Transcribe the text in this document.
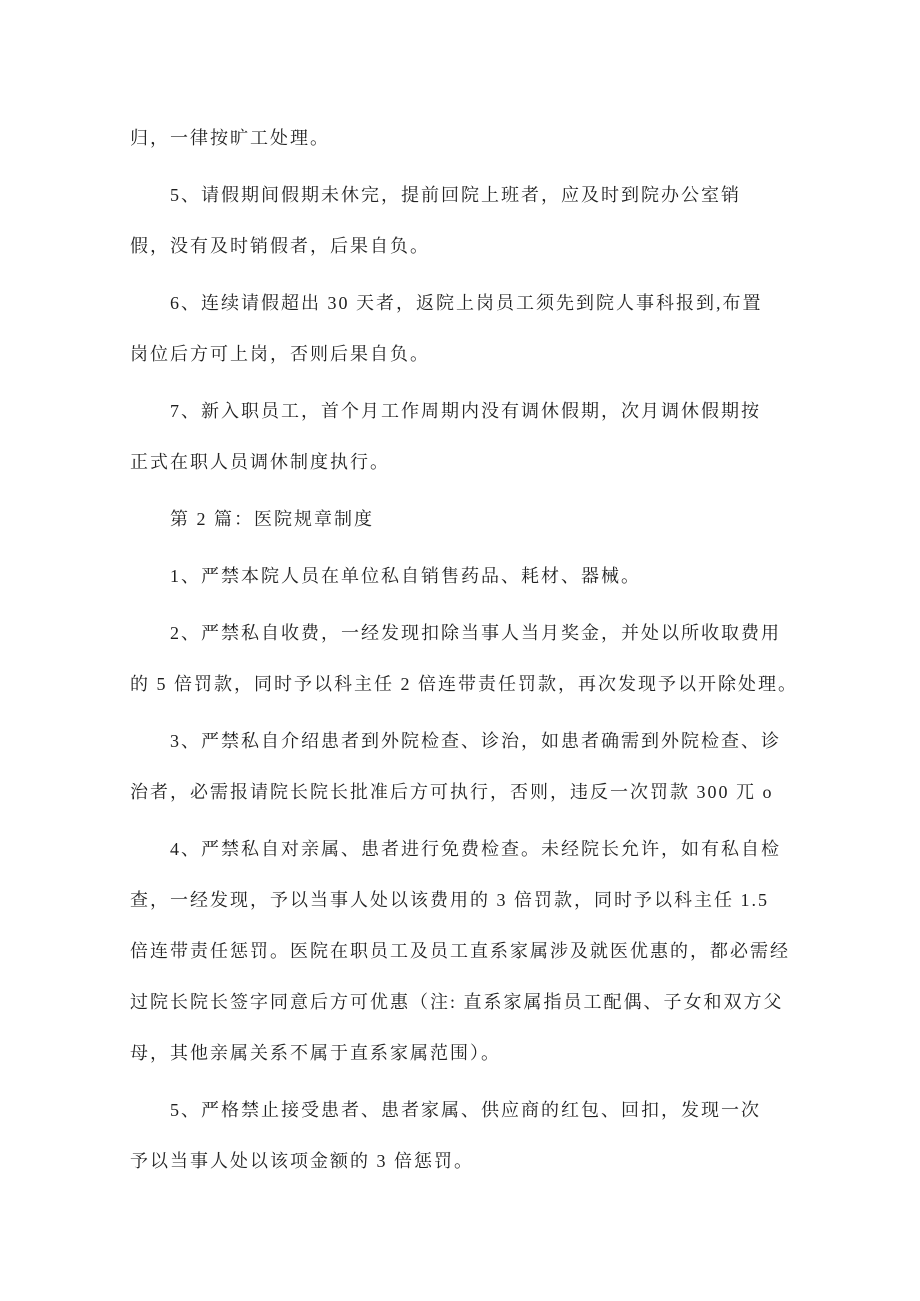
归，一律按旷工处理。
5、请假期间假期未休完，提前回院上班者，应及时到院办公室销
假，没有及时销假者，后果自负。
6、连续请假超出 30 天者，返院上岗员工须先到院人事科报到,布置
岗位后方可上岗，否则后果自负。
7、新入职员工，首个月工作周期内没有调休假期，次月调休假期按
正式在职人员调休制度执行。
第 2 篇：医院规章制度
1、严禁本院人员在单位私自销售药品、耗材、器械。
2、严禁私自收费，一经发现扣除当事人当月奖金，并处以所收取费用
的 5 倍罚款，同时予以科主任 2 倍连带责任罚款，再次发现予以开除处理。
3、严禁私自介绍患者到外院检查、诊治，如患者确需到外院检查、诊
治者，必需报请院长院长批准后方可执行，否则，违反一次罚款 300 兀 o
4、严禁私自对亲属、患者进行免费检查。未经院长允许，如有私自检
查，一经发现，予以当事人处以该费用的 3 倍罚款，同时予以科主任 1.5
倍连带责任惩罚。医院在职员工及员工直系家属涉及就医优惠的，都必需经
过院长院长签字同意后方可优惠（注: 直系家属指员工配偶、子女和双方父
母，其他亲属关系不属于直系家属范围）。
5、严格禁止接受患者、患者家属、供应商的红包、回扣，发现一次
予以当事人处以该项金额的 3 倍惩罚。
